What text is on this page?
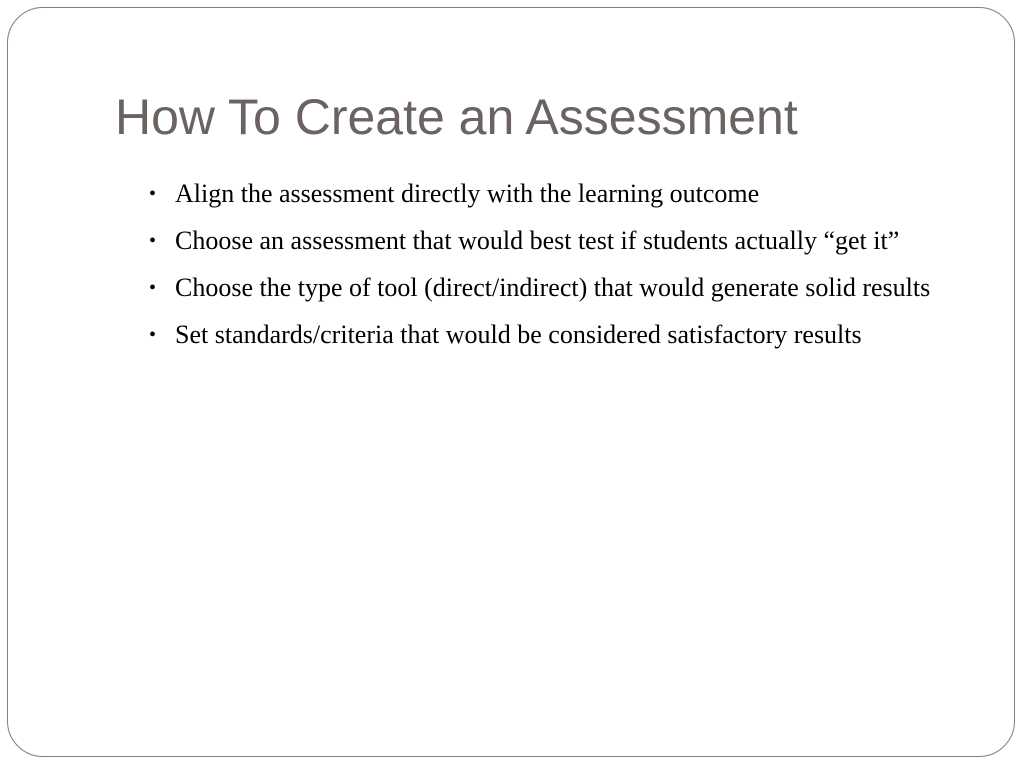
How To Create an Assessment
• Align the assessment directly with the learning outcome
• Choose an assessment that would best test if students actually “get it”
• Choose the type of tool (direct/indirect) that would generate solid results
• Set standards/criteria that would be considered satisfactory results
